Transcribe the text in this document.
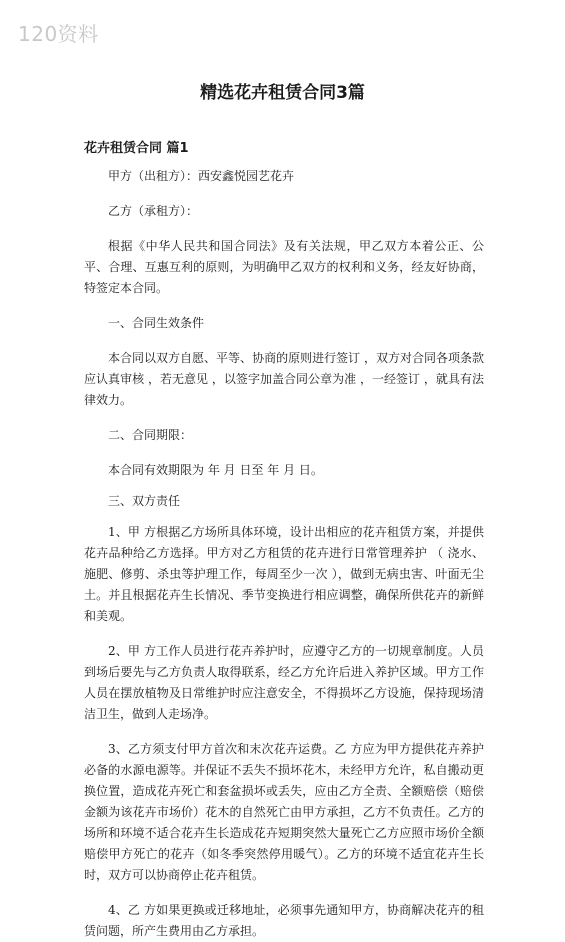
120资料
精选花卉租赁合同3篇
花卉租赁合同 篇1

甲方（出租方）：西安鑫悦园艺花卉

乙方（承租方）：

根据《中华人民共和国合同法》及有关法规，甲乙双方本着公正、公平、合理、互惠互利的原则，为明确甲乙双方的权利和义务，经友好协商，特签定本合同。

一、合同生效条件

本合同以双方自愿、平等、协商的原则进行签订 ，双方对合同各项条款应认真审核 ，若无意见 ，以签字加盖合同公章为准 ，一经签订 ，就具有法律效力。

二、合同期限：

本合同有效期限为 年 月 日至 年 月 日。

三、双方责任

1、甲 方根据乙方场所具体环境，设计出相应的花卉租赁方案，并提供花卉品种给乙方选择。甲方对乙方租赁的花卉进行日常管理养护 （ 浇水、施肥、修剪、杀虫等护理工作，每周至少一次 ），做到无病虫害、叶面无尘土。并且根据花卉生长情况、季节变换进行相应调整，确保所供花卉的新鲜和美观。

2、甲 方工作人员进行花卉养护时，应遵守乙方的一切规章制度。人员到场后要先与乙方负责人取得联系，经乙方允许后进入养护区域。甲方工作人员在摆放植物及日常维护时应注意安全，不得损坏乙方设施，保持现场清洁卫生，做到人走场净。

3、乙方须支付甲方首次和末次花卉运费。乙 方应为甲方提供花卉养护必备的水源电源等。并保证不丢失不损坏花木，未经甲方允许，私自搬动更换位置，造成花卉死亡和套盆损坏或丢失，应由乙方全责、全额赔偿（赔偿金额为该花卉市场价）花木的自然死亡由甲方承担，乙方不负责任。乙方的场所和环境不适合花卉生长造成花卉短期突然大量死亡乙方应照市场价全额赔偿甲方死亡的花卉（如冬季突然停用暖气）。乙方的环境不适宜花卉生长时，双方可以协商停止花卉租赁。

4、乙 方如果更换或迁移地址，必须事先通知甲方，协商解决花卉的租赁问题，所产生费用由乙方承担。
